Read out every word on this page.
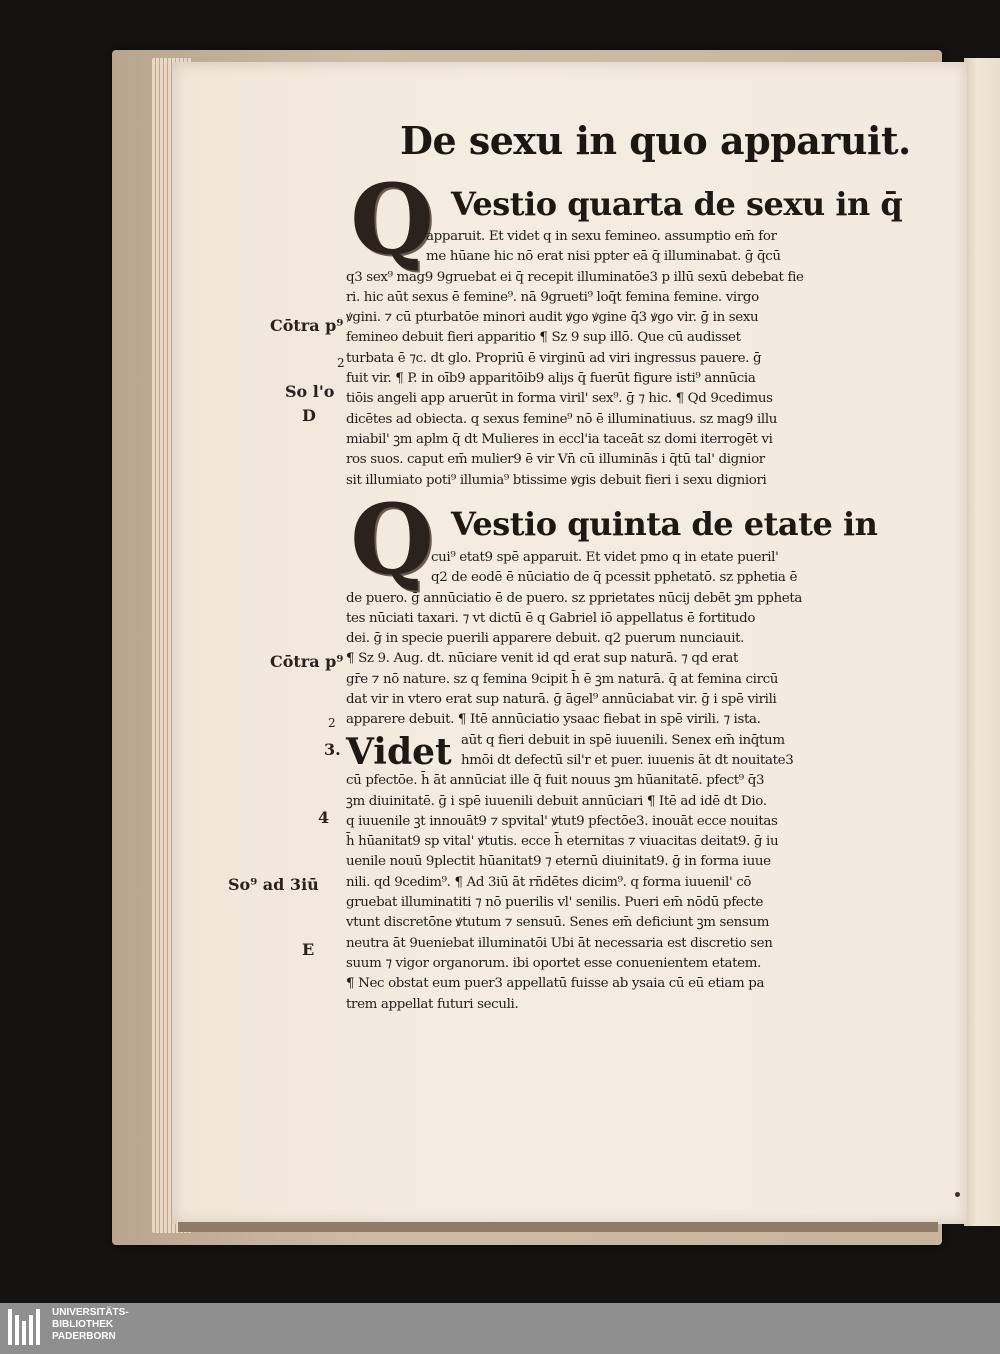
De sexu in quo apparuit.
Q Vestio quarta de sexu in q̄
apparuit. Et videt q in sexu femineo. assumptio em̄ for
me hūane hic nō erat nisi ppter eā q̄ illuminabat. ḡ q̄cū
q3 sex⁹ mag9 9gruebat ei q̄ recepit illuminatōe3 p illū sexū debebat fie
ri. hic aūt sexus ē femine⁹. nā 9grueti⁹ loq̄t femina femine. virgo
ꝟgini. ⁊ cū pturbatōe minori audit ꝟgo ꝟgine q̄3 ꝟgo vir. ḡ in sexu
femineo debuit fieri apparitio ¶ Sz 9 sup illō. Que cū audisset
turbata ē ⁊c. dt glo. Propriū ē virginū ad viri ingressus pauere. ḡ
fuit vir. ¶ P. in oīb9 apparitōib9 aliȷs q̄ fuerūt figure isti⁹ annūcia
tiōis angeli app aruerūt in forma viril' sex⁹. ḡ ⁊ hic. ¶ Qd 9cedimus
dicētes ad obiecta. q sexus femine⁹ nō ē illuminatiuus. sz mag9 illu
miabil' ꝫm aplm q̄ dt Mulieres in eccl'ia taceāt sz domi iterrogēt vi
ros suos. caput em̄ mulier9 ē vir Vn̄ cū illuminās i q̄tū tal' dignior
sit illumiato poti⁹ illumia⁹ btissime ꝟgis debuit fieri i sexu digniori
Q Vestio quinta de etate in
cui⁹ etat9 spē apparuit. Et videt pmo q in etate pueril'
q2 de eodē ē nūciatio de q̄ pcessit pphetatō. sz pphetia ē
de puero. ḡ annūciatio ē de puero. sz pprietates nūcij debēt ꝫm ppheta
tes nūciati taxari. ⁊ vt dictū ē q Gabriel iō appellatus ē fortitudo
dei. ḡ in specie puerili apparere debuit. q2 puerum nunciauit.
¶ Sz 9. Aug. dt. nūciare venit id qd erat sup naturā. ⁊ qd erat
gr̄e ⁊ nō nature. sz q femina 9cipit h̄ ē ꝫm naturā. q̄ at femina circū
dat vir in vtero erat sup naturā. ḡ āgel⁹ annūciabat vir. ḡ i spē virili
apparere debuit. ¶ Itē annūciatio ysaac fiebat in spē virili. ⁊ ista.
Videt aūt q fieri debuit in spē iuuenili. Senex em̄ inq̄tum
hmōi dt defectū sil'r et puer. iuuenis āt dt nouitate3
cū pfectōe. h̄ āt annūciat ille q̄ fuit nouus ꝫm hūanitatē. pfect⁹ q̄3
ꝫm diuinitatē. ḡ i spē iuuenili debuit annūciari ¶ Itē ad idē dt Dio.
q iuuenile ꝫt innouāt9 ⁊ spvital' ꝟtut9 pfectōe3. inouāt ecce nouitas
h̄ hūanitat9 sp vital' ꝟtutis. ecce h̄ eternitas ⁊ viuacitas deitat9. ḡ iu
uenile nouū 9plectit hūanitat9 ⁊ eternū diuinitat9. ḡ in forma iuue
nili. qd 9cedim⁹. ¶ Ad 3iū āt rn̄dētes dicim⁹. q forma iuuenil' cō
gruebat illuminatiti ⁊ nō puerilis vl' senilis. Pueri em̄ nōdū pfecte
vtunt discretōne ꝟtutum ⁊ sensuū. Senes em̄ deficiunt ꝫm sensum
neutra āt 9ueniebat illuminatōi Ubi āt necessaria est discretio sen
suum ⁊ vigor organorum. ibi oportet esse conuenientem etatem.
¶ Nec obstat eum puer3 appellatū fuisse ab ysaia cū eū etiam pa
trem appellat futuri seculi.
Cōtra p⁹
2
So l'o
D
Cōtra p⁹
2
3.
4
So⁹ ad 3iū
E
UNIVERSITÄTS-
BIBLIOTHEK
PADERBORN
